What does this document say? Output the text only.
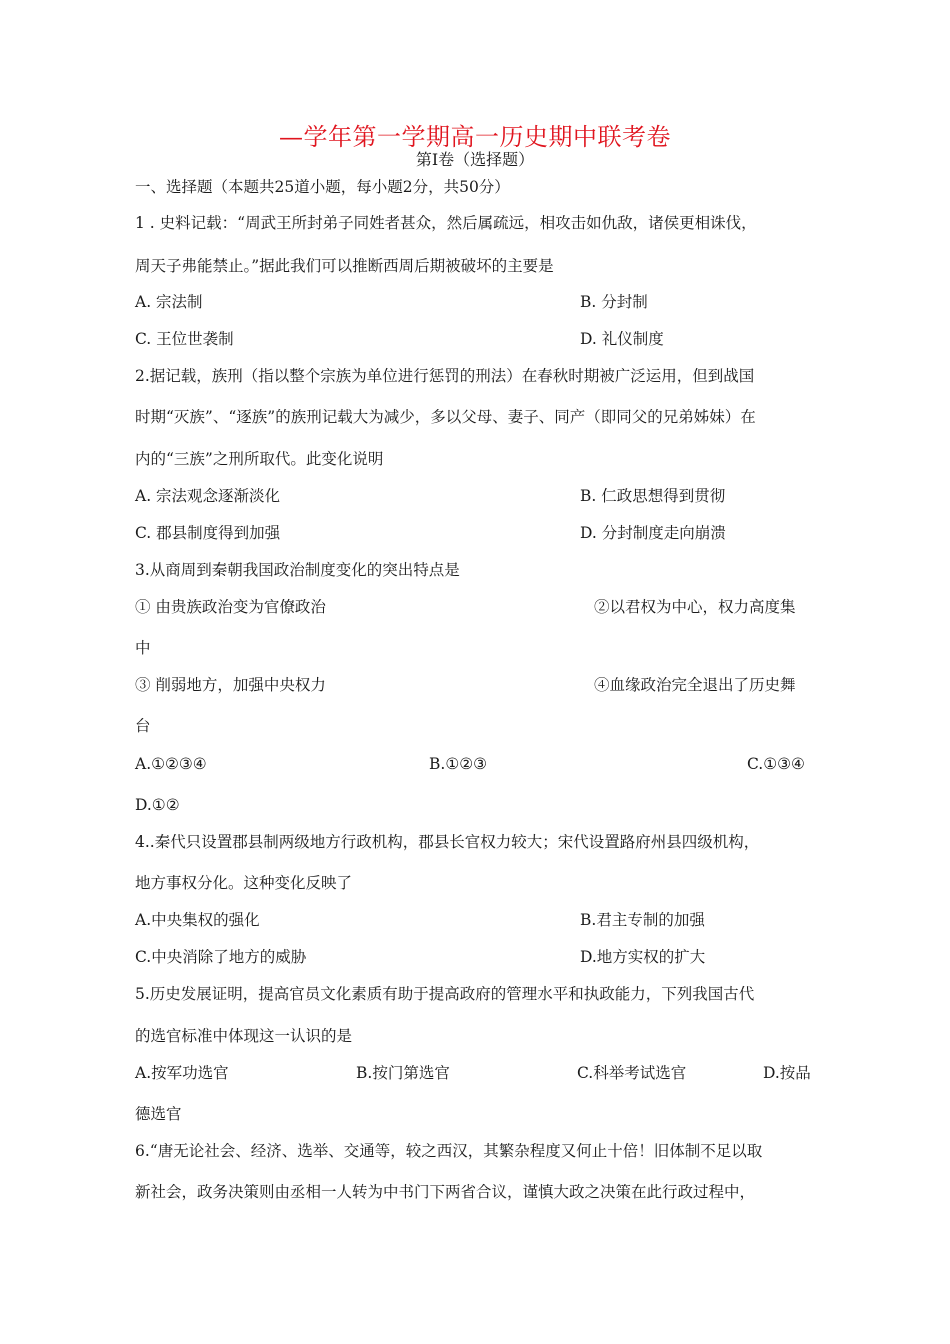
—学年第一学期高一历史期中联考卷
第Ⅰ卷（选择题）
一、选择题（本题共25道小题，每小题2分，共50分）
1 . 史料记载：“周武王所封弟子同姓者甚众，然后属疏远，相攻击如仇敌，诸侯更相诛伐，
周天子弗能禁止。”据此我们可以推断西周后期被破坏的主要是
A. 宗法制	B. 分封制
C. 王位世袭制	D. 礼仪制度
2.据记载，族刑（指以整个宗族为单位进行惩罚的刑法）在春秋时期被广泛运用，但到战国
时期“灭族”、“逐族”的族刑记载大为减少，多以父母、妻子、同产（即同父的兄弟姊妹）在
内的“三族”之刑所取代。此变化说明
A. 宗法观念逐渐淡化	B. 仁政思想得到贯彻
C. 郡县制度得到加强	D. 分封制度走向崩溃
3.从商周到秦朝我国政治制度变化的突出特点是
① 由贵族政治变为官僚政治	②以君权为中心，权力高度集
中
③ 削弱地方，加强中央权力	④血缘政治完全退出了历史舞
台
A.①②③④	B.①②③	C.①③④
D.①②
4..秦代只设置郡县制两级地方行政机构，郡县长官权力较大；宋代设置路府州县四级机构，
地方事权分化。这种变化反映了
A.中央集权的强化	B.君主专制的加强
C.中央消除了地方的威胁	D.地方实权的扩大
5.历史发展证明，提高官员文化素质有助于提高政府的管理水平和执政能力，下列我国古代
的选官标准中体现这一认识的是
A.按军功选官	B.按门第选官	C.科举考试选官	D.按品
德选官
6.“唐无论社会、经济、选举、交通等，较之西汉，其繁杂程度又何止十倍！旧体制不足以取
新社会，政务决策则由丞相一人转为中书门下两省合议，谨慎大政之决策在此行政过程中，
